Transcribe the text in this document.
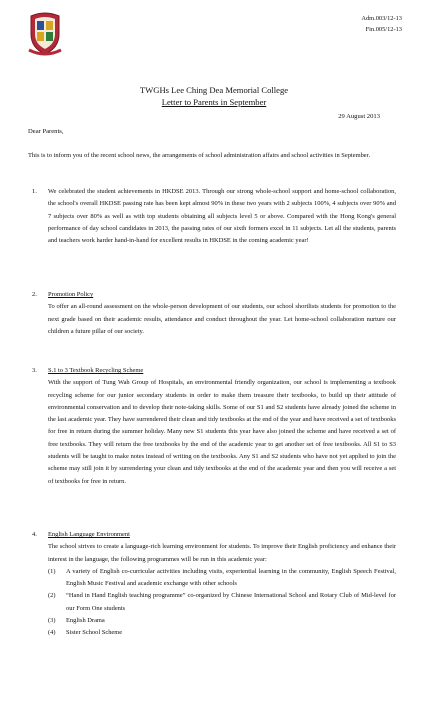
Adm.003/12-13
Fin.005/12-13
TWGHs Lee Ching Dea Memorial College
Letter to Parents in September
29 August 2013
Dear Parents,
This is to inform you of the recent school news, the arrangements of school administration affairs and school activities in September.
1. We celebrated the student achievements in HKDSE 2013. Through our strong whole-school support and home-school collaboration, the school's overall HKDSE passing rate has been kept almost 90% in these two years with 2 subjects 100%, 4 subjects over 90% and 7 subjects over 80% as well as with top students obtaining all subjects level 5 or above. Compared with the Hong Kong's general performance of day school candidates in 2013, the passing rates of our sixth formers excel in 11 subjects. Let all the students, parents and teachers work harder hand-in-hand for excellent results in HKDSE in the coming academic year!
2. Promotion Policy
To offer an all-round assessment on the whole-person development of our students, our school shortlists students for promotion to the next grade based on their academic results, attendance and conduct throughout the year. Let home-school collaboration nurture our children a future pillar of our society.
3. S.1 to 3 Textbook Recycling Scheme
With the support of Tung Wah Group of Hospitals, an environmental friendly organization, our school is implementing a textbook recycling scheme for our junior secondary students in order to make them treasure their textbooks, to build up their attitude of environmental conservation and to develop their note-taking skills. Some of our S1 and S2 students have already joined the scheme in the last academic year. They have surrendered their clean and tidy textbooks at the end of the year and have received a set of textbooks for free in return during the summer holiday. Many new S1 students this year have also joined the scheme and have received a set of free textbooks. They will return the free textbooks by the end of the academic year to get another set of free textbooks. All S1 to S3 students will be taught to make notes instead of writing on the textbooks. Any S1 and S2 students who have not yet applied to join the scheme may still join it by surrendering your clean and tidy textbooks at the end of the academic year and then you will receive a set of textbooks for free in return.
4. English Language Environment
The school strives to create a language-rich learning environment for students. To improve their English proficiency and enhance their interest in the language, the following programmes will be run in this academic year:
(1) A variety of English co-curricular activities including visits, experiential learning in the community, English Speech Festival, English Music Festival and academic exchange with other schools
(2) “Hand in Hand English teaching programme” co-organized by Chinese International School and Rotary Club of Mid-level for our Form One students
(3) English Drama
(4) Sister School Scheme
